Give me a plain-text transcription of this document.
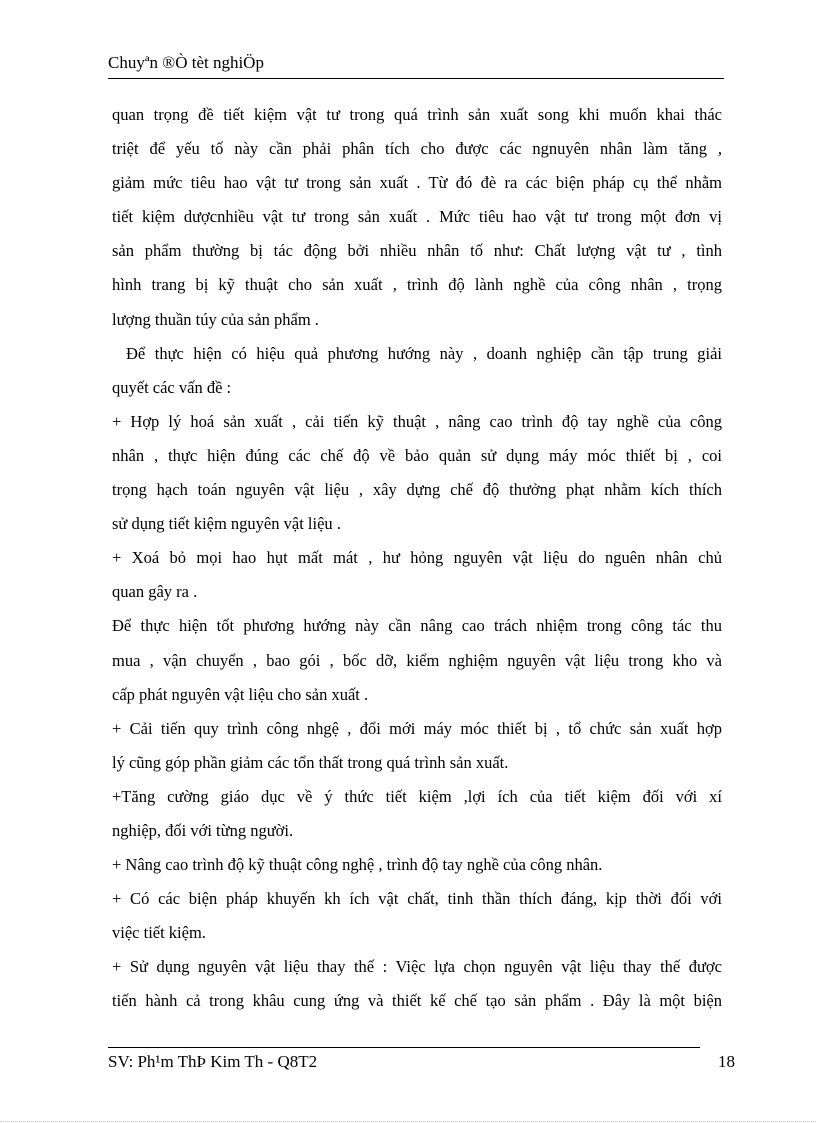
Chuyªn ®Ò tèt nghiÖp
quan trọng đề tiết kiệm vật tư trong quá trình sản xuất song khi muốn khai thác
triệt để yếu tố này cần phải phân tích cho được các ngnuyên nhân làm tăng ,
giảm mức tiêu hao vật tư trong sản xuất . Từ đó đè ra các biện pháp cụ thể nhằm
tiết kiệm dượcnhiều vật tư trong sản xuất . Mức tiêu hao vật tư trong một đơn vị
sản phẩm thường bị tác động bởi nhiều nhân tố như: Chất lượng vật tư , tình
hình trang bị kỹ thuật cho sản xuất , trình độ lành nghề của công nhân , trọng
lượng thuần túy của sản phẩm .
Để thực hiện có hiệu quả phương hướng này , doanh nghiệp cần tập trung giải
quyết các vấn đề :
+ Hợp lý hoá sản xuất , cải tiến kỹ thuật , nâng cao trình độ tay nghề của công
nhân , thực hiện đúng các chế độ về bảo quản sử dụng máy móc thiết bị , coi
trọng hạch toán nguyên vật liệu , xây dựng chế độ thưởng phạt nhằm kích thích
sử dụng tiết kiệm nguyên vật liệu .
+ Xoá bỏ mọi hao hụt mất mát , hư hỏng nguyên vật liệu do nguên nhân chủ
quan gây ra .
Để thực hiện tốt phương hướng này cần nâng cao trách nhiệm trong công tác thu
mua , vận chuyển , bao gói , bốc dỡ, kiểm nghiệm nguyên vật liệu trong kho và
cấp phát nguyên vật liệu cho sản xuất .
+ Cải tiến quy trình công nhgệ , đổi mới máy móc thiết bị , tổ chức sản xuất hợp
lý cũng góp phần giảm các tổn thất trong quá trình sản xuất.
+Tăng cường giáo dục về ý thức tiết kiệm ,lợi ích của tiết kiệm đối với xí
nghiệp, đối với từng người.
+ Nâng cao trình độ kỹ thuật công nghệ , trình độ tay nghề của công nhân.
+ Có các biện pháp khuyến kh ích vật chất, tinh thần thích đáng, kịp thời đối với
việc tiết kiệm.
+ Sử dụng nguyên vật liệu thay thế : Việc lựa chọn nguyên vật liệu thay thế được
tiến hành cả trong khâu cung ứng và thiết kế chế tạo sản phẩm . Đây là một biện
SV: Ph¹m ThÞ Kim Th - Q8T2	18
